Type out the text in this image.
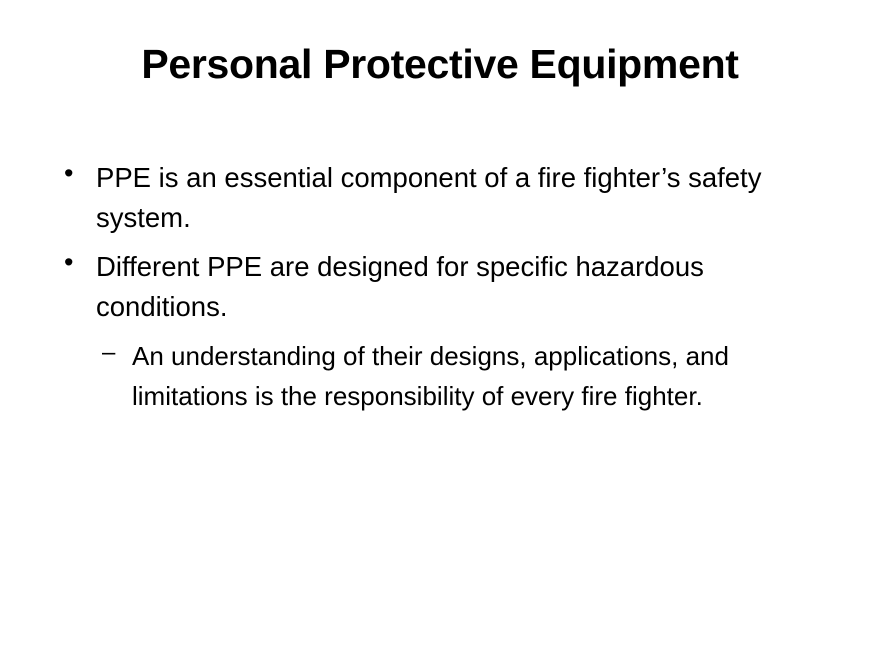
Personal Protective Equipment
• PPE is an essential component of a fire fighter’s safety system.
• Different PPE are designed for specific hazardous conditions.
– An understanding of their designs, applications, and limitations is the responsibility of every fire fighter.
